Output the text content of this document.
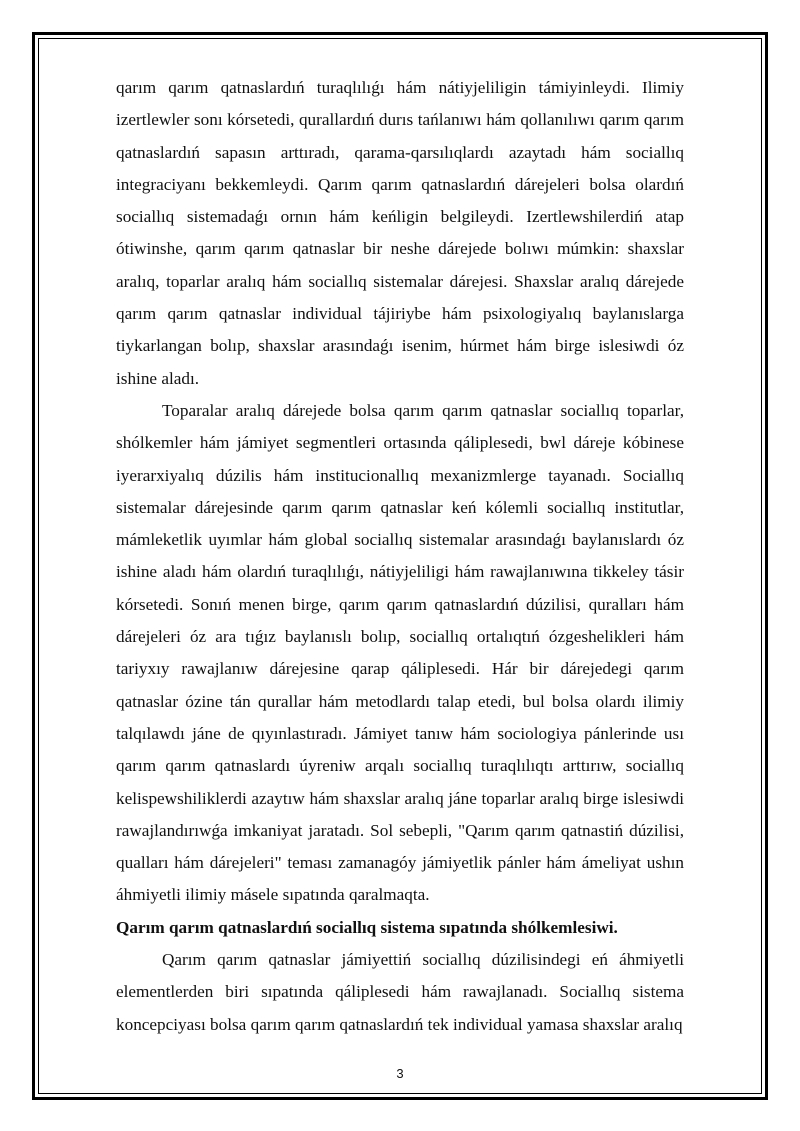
qarım qarım qatnaslardıń turaqlılıǵı hám nátiyjeliligin támiyinleydi. Ilimiy izertlewler sonı kórsetedi, qurallardıń durıs tańlanıwı hám qollanılıwı qarım qarım qatnaslardıń sapasın arttıradı, qarama-qarsılıqlardı azaytadı hám sociallıq integraciyanı bekkemleydi. Qarım qarım qatnaslardıń dárejeleri bolsa olardıń sociallıq sistemadaǵı ornın hám keńligin belgileydi. Izertlewshilerdiń atap ótiwinshe, qarım qarım qatnaslar bir neshe dárejede bolıwı múmkin: shaxslar aralıq, toparlar aralıq hám sociallıq sistemalar dárejesi. Shaxslar aralıq dárejede qarım qarım qatnaslar individual tájiriybe hám psixologiyalıq baylanıslarga tiykarlangan bolıp, shaxslar arasındaǵı isenim, húrmet hám birge islesiwdi óz ishine aladı.

Toparalar aralıq dárejede bolsa qarım qarım qatnaslar sociallıq toparlar, shólkemler hám jámiyet segmentleri ortasında qáliplesedi, bwl dáreje kóbinese iyerarxiyalıq dúzilis hám institucionallıq mexanizmlerge tayanadı. Sociallıq sistemalar dárejesinde qarım qarım qatnaslar keń kólemli sociallıq institutlar, mámleketlik uyımlar hám global sociallıq sistemalar arasındaǵı baylanıslardı óz ishine aladı hám olardıń turaqlılıǵı, nátiyjeliligi hám rawajlanıwına tikkeley tásir kórsetedi. Sonıń menen birge, qarım qarım qatnaslardıń dúzilisi, quralları hám dárejeleri óz ara tıǵız baylanıslı bolıp, sociallıq ortalıqtıń ózgeshelikleri hám tariyxıy rawajlanıw dárejesine qarap qáliplesedi. Hár bir dárejedegi qarım qatnaslar ózine tán qurallar hám metodlardı talap etedi, bul bolsa olardı ilimiy talqılawdı jáne de qıyınlastıradı. Jámiyet tanıw hám sociologiya pánlerinde usı qarım qarım qatnaslardı úyreniw arqalı sociallıq turaqlılıqtı arttırıw, sociallıq kelispewshiliklerdi azaytıw hám shaxslar aralıq jáne toparlar aralıq birge islesiwdi rawajlandırıwǵa imkaniyat jaratadı. Sol sebepli, "Qarım qarım qatnastiń dúzilisi, qualları hám dárejeleri" teması zamanagóy jámiyetlik pánler hám ámeliyat ushın áhmiyetli ilimiy másele sıpatında qaralmaqta.

Qarım qarım qatnaslardıń sociallıq sistema sıpatında shólkemlesiwi.

Qarım qarım qatnaslar jámiyettiń sociallıq dúzilisindegi eń áhmiyetli elementlerden biri sıpatında qáliplesedi hám rawajlanadı. Sociallıq sistema koncepciyası bolsa qarım qarım qatnaslardıń tek individual yamasa shaxslar aralıq

3
